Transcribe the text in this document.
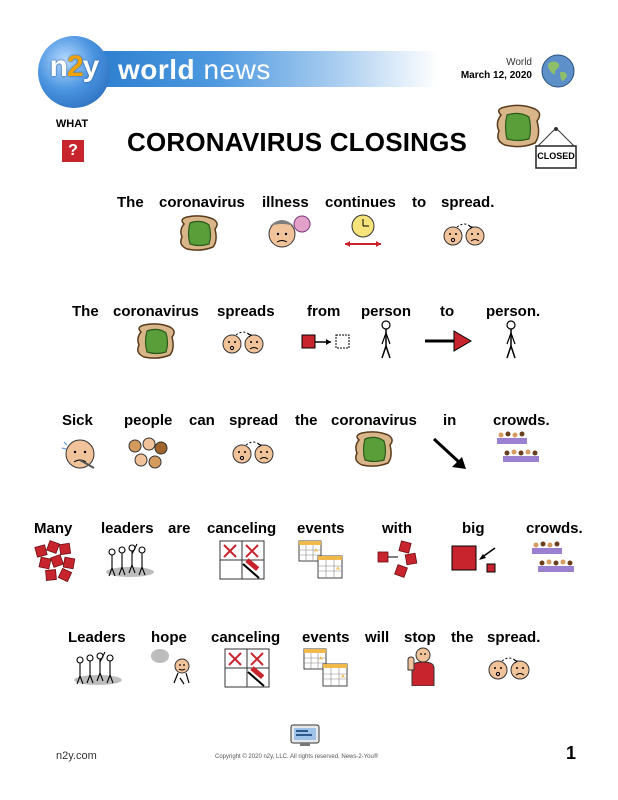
n2y world news	World
March 12, 2020
WHAT
? CORONAVIRUS CLOSINGS	CLOSED
The coronavirus illness continues to spread.
The coronavirus spreads from person to person.
Sick people can spread the coronavirus in crowds.
Many leaders are canceling events with	big	crowds.
Leaders hope canceling events will stop the spread.
n2y.com	Copyright © 2020 n2y, LLC. All rights reserved. News-2-You®	1
